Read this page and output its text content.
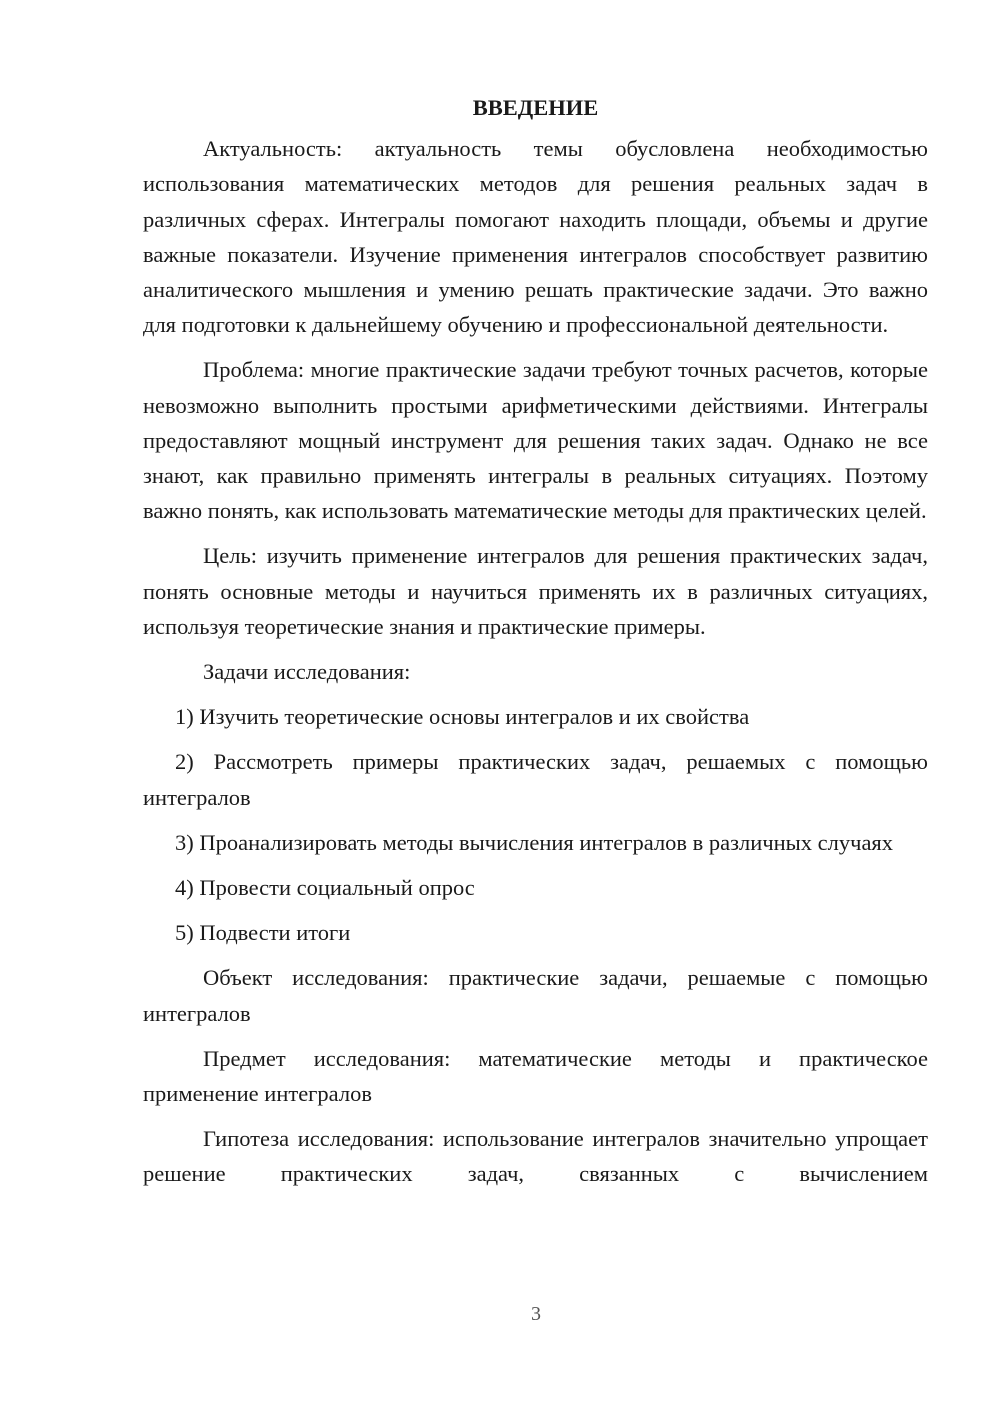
ВВЕДЕНИЕ

Актуальность: актуальность темы обусловлена необходимостью использования математических методов для решения реальных задач в различных сферах. Интегралы помогают находить площади, объемы и другие важные показатели. Изучение применения интегралов способствует развитию аналитического мышления и умению решать практические задачи. Это важно для подготовки к дальнейшему обучению и профессиональной деятельности.

Проблема: многие практические задачи требуют точных расчетов, которые невозможно выполнить простыми арифметическими действиями. Интегралы предоставляют мощный инструмент для решения таких задач. Однако не все знают, как правильно применять интегралы в реальных ситуациях. Поэтому важно понять, как использовать математические методы для практических целей.

Цель: изучить применение интегралов для решения практических задач, понять основные методы и научиться применять их в различных ситуациях, используя теоретические знания и практические примеры.

Задачи исследования:

1) Изучить теоретические основы интегралов и их свойства

2) Рассмотреть примеры практических задач, решаемых с помощью интегралов

3) Проанализировать методы вычисления интегралов в различных случаях

4) Провести социальный опрос

5) Подвести итоги

Объект исследования: практические задачи, решаемые с помощью интегралов

Предмет исследования: математические методы и практическое применение интегралов

Гипотеза исследования: использование интегралов значительно упрощает решение практических задач, связанных с вычислением

3
